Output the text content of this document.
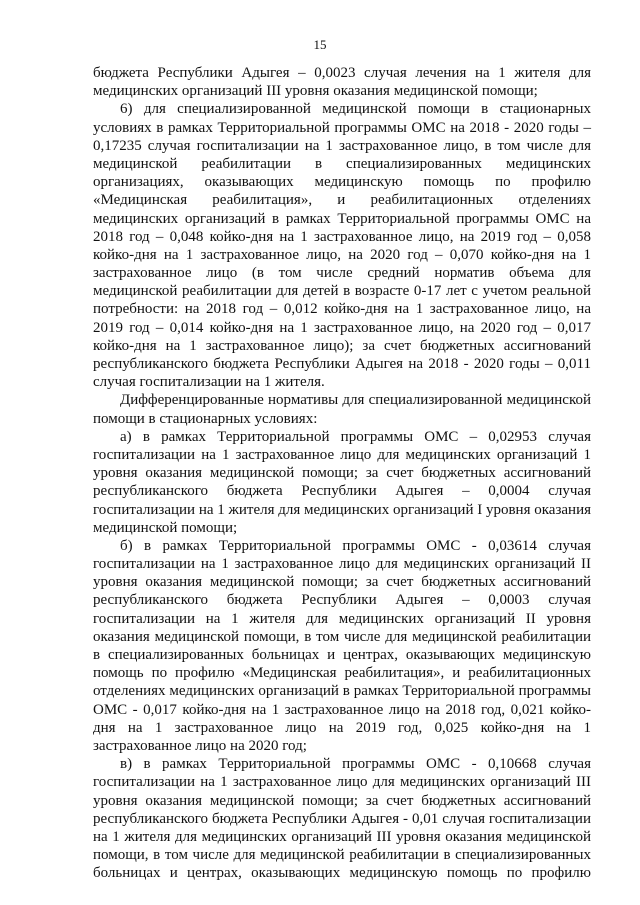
15
бюджета Республики Адыгея – 0,0023 случая лечения на 1 жителя для
медицинских организаций III уровня оказания медицинской помощи;
6) для специализированной медицинской помощи в стационарных
условиях в рамках Территориальной программы ОМС на 2018 - 2020 годы –
0,17235 случая госпитализации на 1 застрахованное лицо, в том числе для
медицинской реабилитации в специализированных медицинских
организациях, оказывающих медицинскую помощь по профилю
«Медицинская реабилитация», и реабилитационных отделениях
медицинских организаций в рамках Территориальной программы ОМС на
2018 год – 0,048 койко-дня на 1 застрахованное лицо, на 2019 год – 0,058
койко-дня на 1 застрахованное лицо, на 2020 год – 0,070 койко-дня на 1
застрахованное лицо (в том числе средний норматив объема для
медицинской реабилитации для детей в возрасте 0-17 лет с учетом реальной
потребности: на 2018 год – 0,012 койко-дня на 1 застрахованное лицо, на
2019 год – 0,014 койко-дня на 1 застрахованное лицо, на 2020 год – 0,017
койко-дня на 1 застрахованное лицо); за счет бюджетных ассигнований
республиканского бюджета Республики Адыгея на 2018 - 2020 годы – 0,011
случая госпитализации на 1 жителя.
Дифференцированные нормативы для специализированной медицинской
помощи в стационарных условиях:
а) в рамках Территориальной программы ОМС – 0,02953 случая
госпитализации на 1 застрахованное лицо для медицинских организаций 1
уровня оказания медицинской помощи; за счет бюджетных ассигнований
республиканского бюджета Республики Адыгея – 0,0004 случая
госпитализации на 1 жителя для медицинских организаций I уровня оказания
медицинской помощи;
б) в рамках Территориальной программы ОМС - 0,03614 случая
госпитализации на 1 застрахованное лицо для медицинских организаций II
уровня оказания медицинской помощи; за счет бюджетных ассигнований
республиканского бюджета Республики Адыгея – 0,0003 случая
госпитализации на 1 жителя для медицинских организаций II уровня
оказания медицинской помощи, в том числе для медицинской реабилитации
в специализированных больницах и центрах, оказывающих медицинскую
помощь по профилю «Медицинская реабилитация», и реабилитационных
отделениях медицинских организаций в рамках Территориальной программы
ОМС - 0,017 койко-дня на 1 застрахованное лицо на 2018 год, 0,021 койко-
дня на 1 застрахованное лицо на 2019 год, 0,025 койко-дня на 1
застрахованное лицо на 2020 год;
в) в рамках Территориальной программы ОМС - 0,10668 случая
госпитализации на 1 застрахованное лицо для медицинских организаций III
уровня оказания медицинской помощи; за счет бюджетных ассигнований
республиканского бюджета Республики Адыгея - 0,01 случая госпитализации
на 1 жителя для медицинских организаций III уровня оказания медицинской
помощи, в том числе для медицинской реабилитации в специализированных
больницах и центрах, оказывающих медицинскую помощь по профилю
